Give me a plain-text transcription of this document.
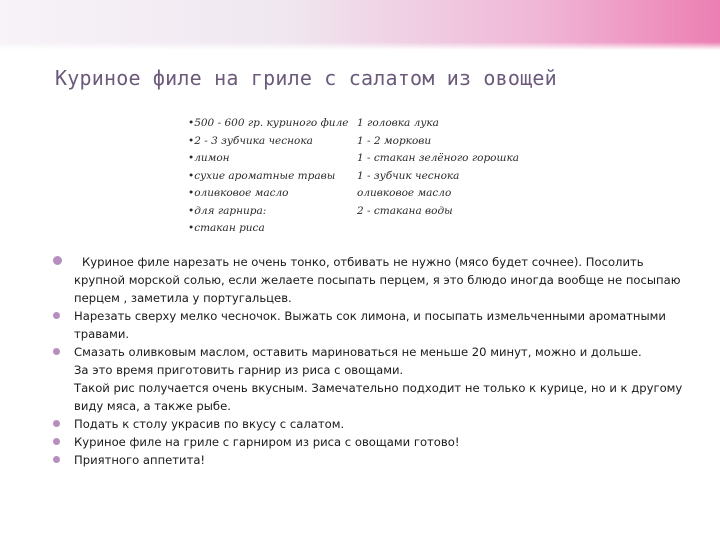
Куриное филе на гриле с салатом из овощей
•500 - 600 гр. куриного филе
•2 - 3 зубчика чеснока
•лимон
•сухие ароматные травы
•оливковое масло
•для гарнира:
•стакан риса
1 головка лука
1 - 2 моркови
1 - стакан зелёного горошка
1 - зубчик чеснока
оливковое масло
2 - стакана воды
Куриное филе нарезать не очень тонко, отбивать не нужно (мясо будет сочнее). Посолить крупной морской солью, если желаете посыпать перцем, я это блюдо иногда вообще не посыпаю перцем , заметила у португальцев.
Нарезать сверху мелко чесночок. Выжать сок лимона, и посыпать измельченными ароматными травами.
Смазать оливковым маслом, оставить мариноваться не меньше 20 минут, можно и дольше.
За это время приготовить гарнир из риса с овощами.
Такой рис получается очень вкусным. Замечательно подходит не только к курице, но и к другому виду мяса, а также рыбе.
Подать к столу украсив по вкусу с салатом.
Куриное филе на гриле с гарниром из риса с овощами готово!
Приятного аппетита!
